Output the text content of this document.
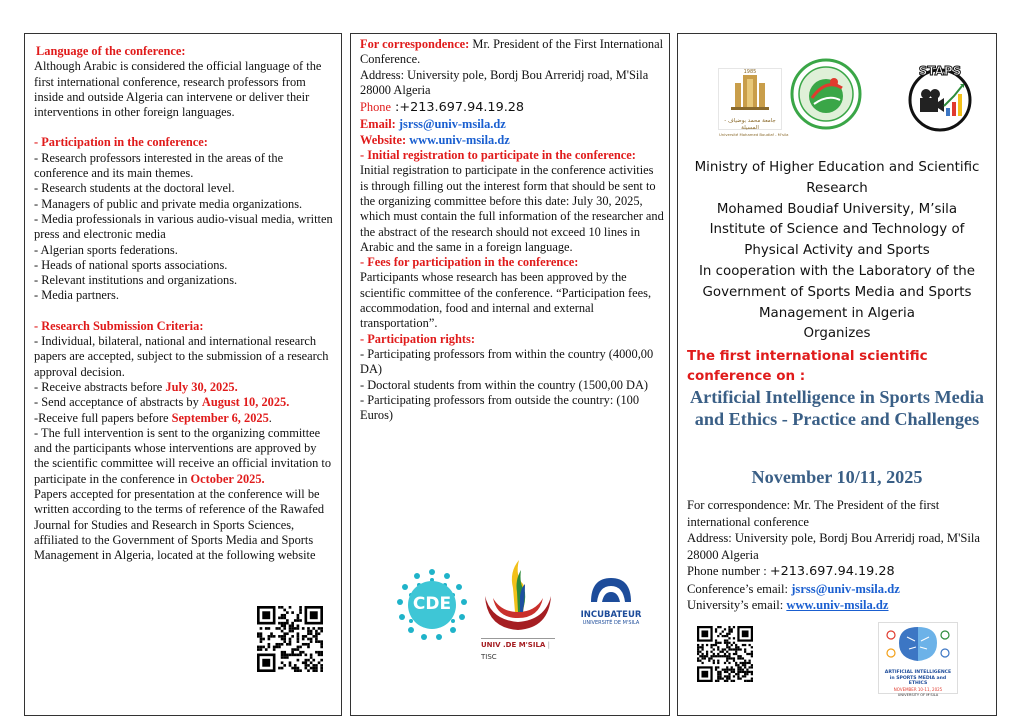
Language of the conference:
Although Arabic is considered the official language of the first international conference, research professors from inside and outside Algeria can intervene or deliver their interventions in other foreign languages.
- Participation in the conference:
- Research professors interested in the areas of the conference and its main themes.
- Research students at the doctoral level.
- Managers of public and private media organizations.
- Media professionals in various audio-visual media, written press and electronic media
- Algerian sports federations.
- Heads of national sports associations.
- Relevant institutions and organizations.
- Media partners.
- Research Submission Criteria:
- Individual, bilateral, national and international research papers are accepted, subject to the submission of a research approval decision.
- Receive abstracts before July 30, 2025.
- Send acceptance of abstracts by August 10, 2025.
-Receive full papers before September 6, 2025.
- The full intervention is sent to the organizing committee and the participants whose interventions are approved by the scientific committee will receive an official invitation to participate in the conference in October 2025.
Papers accepted for presentation at the conference will be written according to the terms of reference of the Rawafed Journal for Studies and Research in Sports Sciences, affiliated to the Government of Sports Media and Sports Management in Algeria, located at the following website
For correspondence: Mr. President of the First International Conference.
Address: University pole, Bordj Bou Arreridj road, M'Sila 28000 Algeria
Phone :+213.697.94.19.28
Email: jsrss@univ-msila.dz
Website: www.univ-msila.dz
- Initial registration to participate in the conference:
Initial registration to participate in the conference activities is through filling out the interest form that should be sent to the organizing committee before this date: July 30, 2025, which must contain the full information of the researcher and the abstract of the research should not exceed 10 lines in Arabic and the same in a foreign language.
- Fees for participation in the conference:
Participants whose research has been approved by the scientific committee of the conference. “Participation fees, accommodation, food and internal and external transportation”.
- Participation rights:
- Participating professors from within the country (4000,00 DA)
- Doctoral students from within the country (1500,00 DA)
- Participating professors from outside the country: (100 Euros)
CDE
UNIV .DE M'SILA | TISC
INCUBATEUR
UNIVERSITÉ DE M'SILA
1985
جامعة محمد بوضياف - المسيلة
Université Mohamed Boudiaf - M'sila
STAPS
Ministry of Higher Education and Scientific Research
Mohamed Boudiaf University, M’sila
Institute of Science and Technology of Physical Activity and Sports
In cooperation with the Laboratory of the Government of Sports Media and Sports Management in Algeria
Organizes
The first international scientific conference on :
Artificial Intelligence in Sports Media and Ethics - Practice and Challenges
November 10/11, 2025
For correspondence: Mr. The President of the first international conference
Address: University pole, Bordj Bou Arreridj road, M'Sila 28000 Algeria
Phone number : +213.697.94.19.28
Conference’s email: jsrss@univ-msila.dz
University’s email: www.univ-msila.dz
ARTIFICIAL INTELLIGENCE in SPORTS MEDIA and ETHICS
NOVEMBER 10-11, 2025
UNIVERSITY OF M'SILA
